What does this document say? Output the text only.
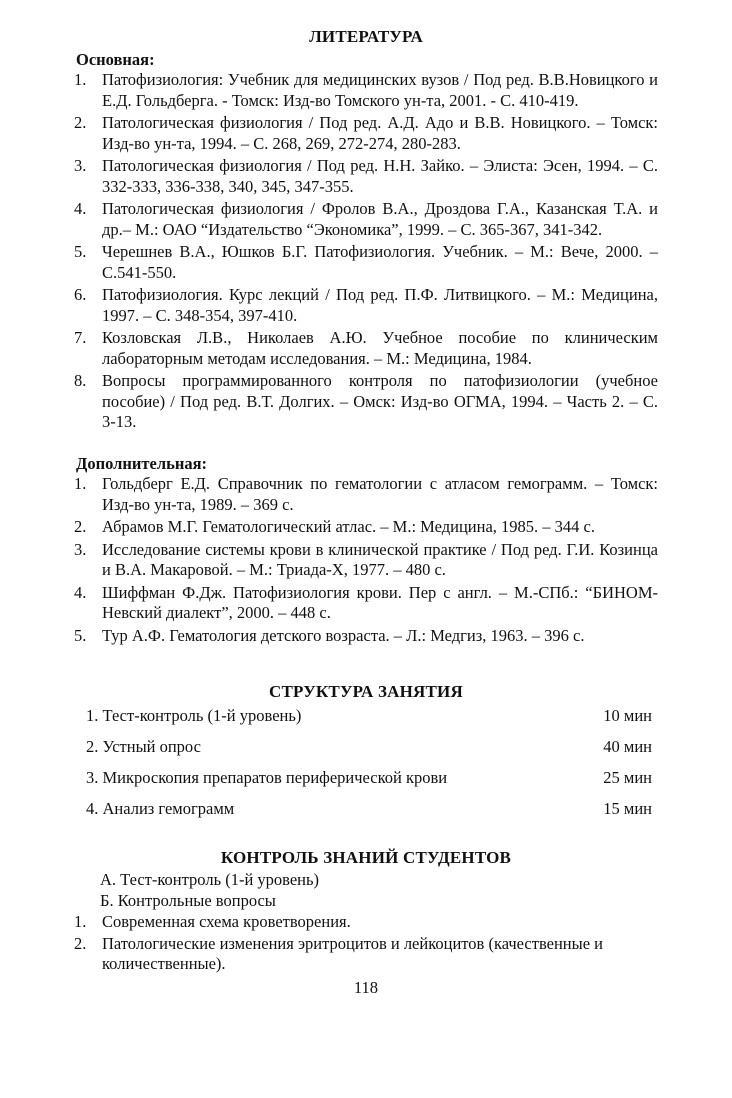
ЛИТЕРАТУРА
Основная:
1. Патофизиология: Учебник для медицинских вузов / Под ред. В.В.Новицкого и Е.Д. Гольдберга. - Томск: Изд-во Томского ун-та, 2001. - С. 410-419.
2. Патологическая физиология / Под ред. А.Д. Адо и В.В. Новицкого. – Томск: Изд-во ун-та, 1994. – С. 268, 269, 272-274, 280-283.
3. Патологическая физиология / Под ред. Н.Н. Зайко. – Элиста: Эсен, 1994. – С. 332-333, 336-338, 340, 345, 347-355.
4. Патологическая физиология / Фролов В.А., Дроздова Г.А., Казанская Т.А. и др.– М.: ОАО “Издательство “Экономика”, 1999. – С. 365-367, 341-342.
5. Черешнев В.А., Юшков Б.Г. Патофизиология. Учебник. – М.: Вече, 2000. – С.541-550.
6. Патофизиология. Курс лекций / Под ред. П.Ф. Литвицкого. – М.: Медицина, 1997. – С. 348-354, 397-410.
7. Козловская Л.В., Николаев А.Ю. Учебное пособие по клиническим лабораторным методам исследования. – М.: Медицина, 1984.
8. Вопросы программированного контроля по патофизиологии (учебное пособие) / Под ред. В.Т. Долгих. – Омск: Изд-во ОГМА, 1994. – Часть 2. – С. 3-13.
Дополнительная:
1. Гольдберг Е.Д. Справочник по гематологии с атласом гемограмм. – Томск: Изд-во ун-та, 1989. – 369 с.
2. Абрамов М.Г. Гематологический атлас. – М.: Медицина, 1985. – 344 с.
3. Исследование системы крови в клинической практике / Под ред. Г.И. Козинца и В.А. Макаровой. – М.: Триада-Х, 1977. – 480 с.
4. Шиффман Ф.Дж. Патофизиология крови. Пер с англ. – М.-СПб.: “БИНОМ-Невский диалект”, 2000. – 448 с.
5. Тур А.Ф. Гематология детского возраста. – Л.: Медгиз, 1963. – 396 с.
СТРУКТУРА ЗАНЯТИЯ
1. Тест-контроль (1-й уровень)	10 мин
2. Устный опрос	40 мин
3. Микроскопия препаратов периферической крови	25 мин
4. Анализ гемограмм	15 мин
КОНТРОЛЬ ЗНАНИЙ СТУДЕНТОВ
А. Тест-контроль (1-й уровень)
Б. Контрольные вопросы
1. Современная схема кроветворения.
2. Патологические изменения эритроцитов и лейкоцитов (качественные и количественные).
118
